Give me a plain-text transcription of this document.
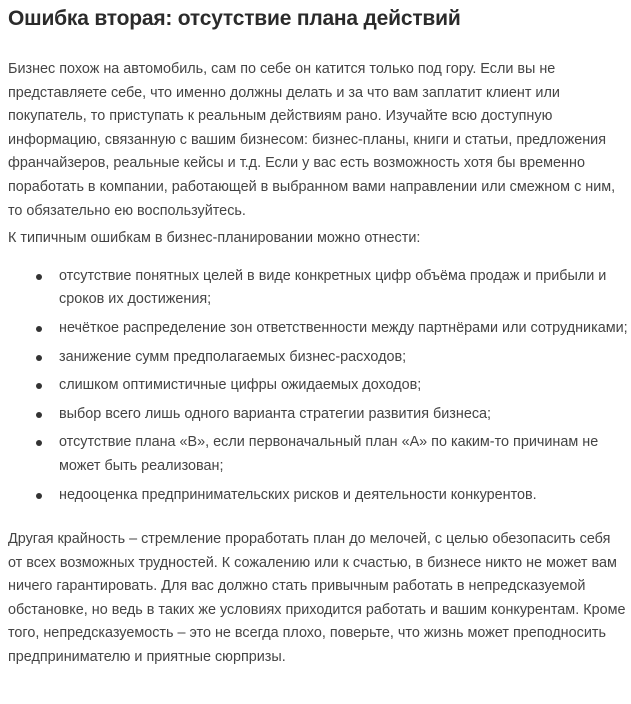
Ошибка вторая: отсутствие плана действий

Бизнес похож на автомобиль, сам по себе он катится только под гору. Если вы не представляете себе, что именно должны делать и за что вам заплатит клиент или покупатель, то приступать к реальным действиям рано. Изучайте всю доступную информацию, связанную с вашим бизнесом: бизнес-планы, книги и статьи, предложения франчайзеров, реальные кейсы и т.д. Если у вас есть возможность хотя бы временно поработать в компании, работающей в выбранном вами направлении или смежном с ним, то обязательно ею воспользуйтесь.

К типичным ошибкам в бизнес-планировании можно отнести:

отсутствие понятных целей в виде конкретных цифр объёма продаж и прибыли и сроков их достижения;
нечёткое распределение зон ответственности между партнёрами или сотрудниками;
занижение сумм предполагаемых бизнес-расходов;
слишком оптимистичные цифры ожидаемых доходов;
выбор всего лишь одного варианта стратегии развития бизнеса;
отсутствие плана «В», если первоначальный план «А» по каким-то причинам не может быть реализован;
недооценка предпринимательских рисков и деятельности конкурентов.

Другая крайность – стремление проработать план до мелочей, с целью обезопасить себя от всех возможных трудностей. К сожалению или к счастью, в бизнесе никто не может вам ничего гарантировать. Для вас должно стать привычным работать в непредсказуемой обстановке, но ведь в таких же условиях приходится работать и вашим конкурентам. Кроме того, непредсказуемость – это не всегда плохо, поверьте, что жизнь может преподносить предпринимателю и приятные сюрпризы.
